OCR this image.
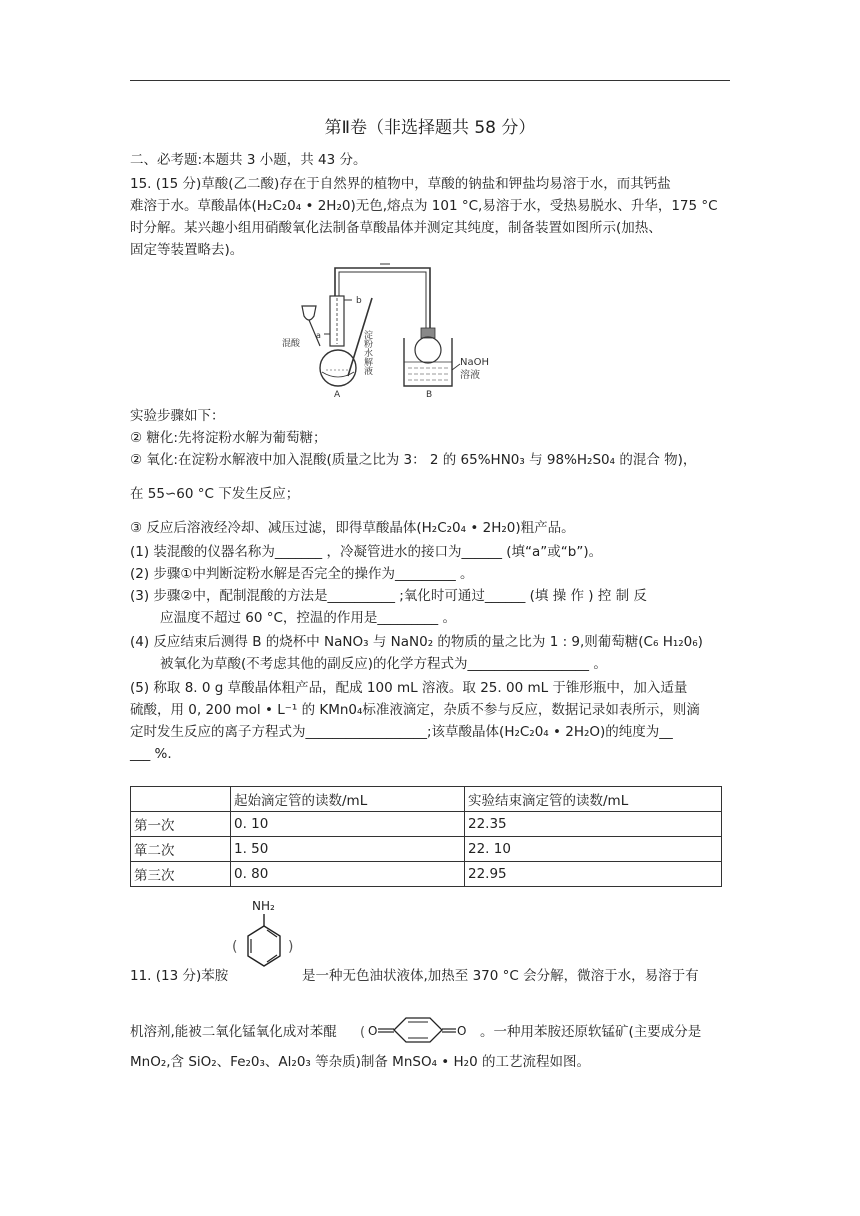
第Ⅱ卷（非选择题共 58 分）
二、必考题:本题共 3 小题，共 43 分。
15. (15 分)草酸(乙二酸)存在于自然界的植物中，草酸的钠盐和钾盐均易溶于水，而其钙盐
难溶于水。草酸晶体(H₂C₂0₄ • 2H₂0)无色,熔点为 101 °C,易溶于水，受热易脱水、升华，175 °C
时分解。某兴趣小组用硝酸氧化法制备草酸晶体并测定其纯度，制备装置如图所示(加热、
固定等装置略去)。
b
a
混酸
A
淀粉水解液	NaOH
溶液
B
实验步骤如下：
② 糖化:先将淀粉水解为葡萄糖；
② 氧化:在淀粉水解液中加入混酸(质量之比为 3： 2 的 65%HN0₃ 与 98%H₂S0₄ 的混合 物)，
在 55∽60 °C 下发生反应；
③ 反应后溶液经冷却、减压过滤，即得草酸晶体(H₂C₂0₄ • 2H₂0)粗产品。
(1) 装混酸的仪器名称为_______ ，冷凝管进水的接口为______ (填“a”或“b”)。
(2) 步骤①中判断淀粉水解是否完全的操作为_________ 。
(3) 步骤②中，配制混酸的方法是__________ ;氧化时可通过______ (填 操 作 ) 控 制 反
应温度不超过 60 °C，控温的作用是_________ 。
(4) 反应结束后测得 B 的烧杯中 NaNO₃ 与 NaN0₂ 的物质的量之比为 1 : 9,则葡萄糖(C₆ H₁₂0₆)
被氧化为草酸(不考虑其他的副反应)的化学方程式为__________________ 。
(5) 称取 8. 0 g 草酸晶体粗产品，配成 100 mL 溶液。取 25. 00 mL 于锥形瓶中，加入适量
硫酸，用 0‚ 200 mol • L⁻¹ 的 KMn0₄标准液滴定，杂质不参与反应，数据记录如表所示，则滴
定时发生反应的离子方程式为__________________;该草酸晶体(H₂C₂0₄ • 2H₂O)的纯度为__
___ %.
	起始滴定管的读数/mL	实验结束滴定管的读数/mL
第一次	0. 10	22.35
箪二次	1. 50	22. 10
第三次	0. 80	22.95
NH₂
(	)
11. (13 分)苯胺	是一种无色油状液体,加热至 370 °C 会分解，微溶于水，易溶于有
( O	O
机溶剂,能被二氧化锰氧化成对苯醌	。一种用苯胺还原软锰矿(主要成分是
MnO₂,含 SiO₂、Fe₂0₃、Al₂0₃ 等杂质)制备 MnSO₄ • H₂0 的工艺流程如图。
